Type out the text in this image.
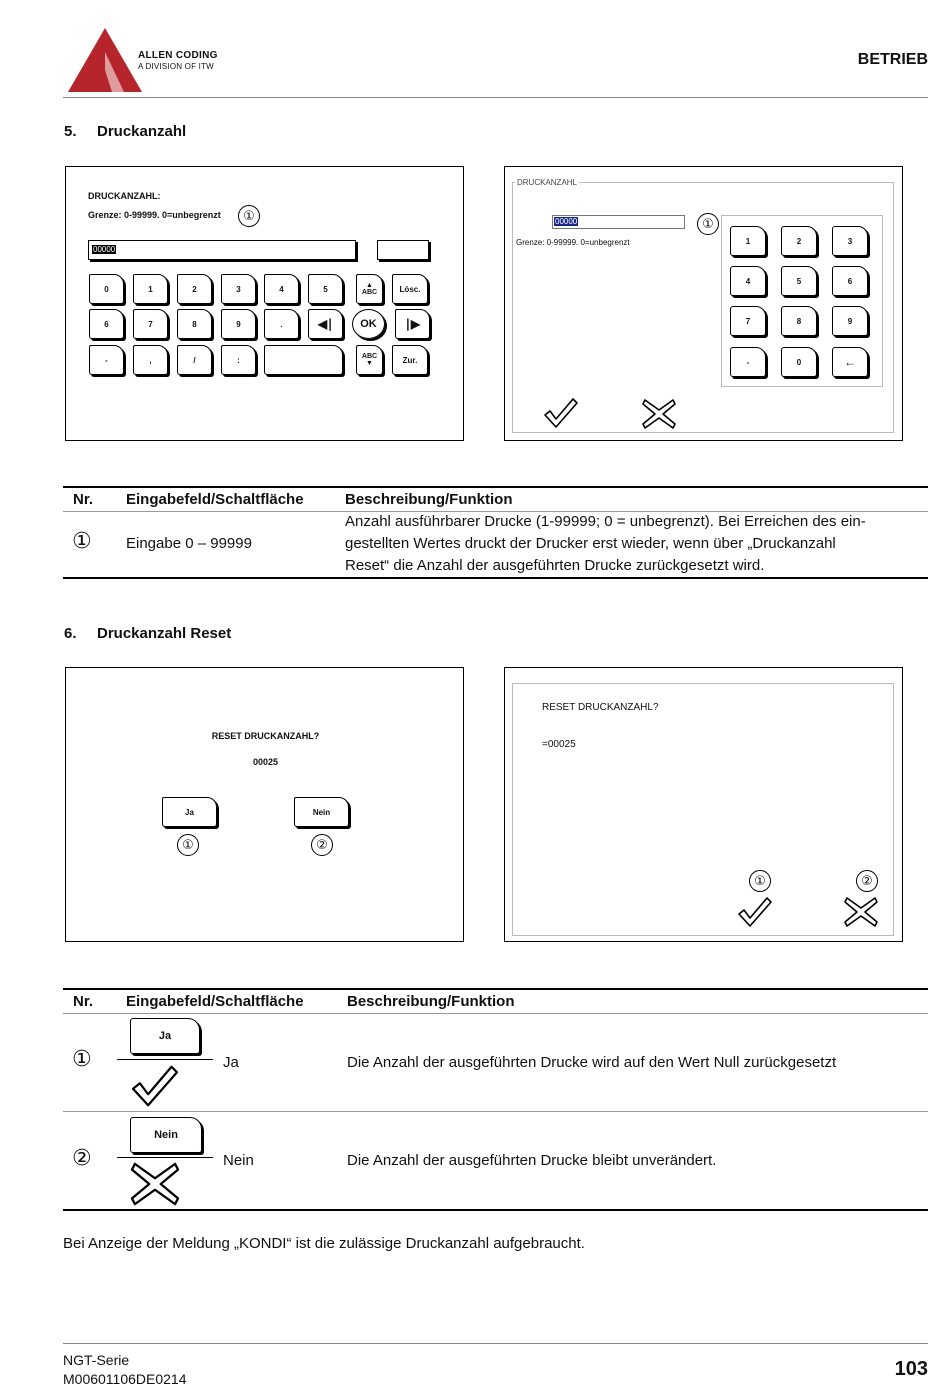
ALLEN CODING
A DIVISION OF ITW	BETRIEB
5. Druckanzahl
DRUCKANZAHL:
Grenze: 0-99999. 0=unbegrenzt	①
00000
0	1	2	3	4	5	▲
ABC	Lösc.
6	7	8	9	.	◀∣ OK ∣▶
-	,	/	:	ABC
▼	Zur.
DRUCKANZAHL
00000	①
Grenze: 0-99999. 0=unbegrenzt	1	2	3
4	5	6
7	8	9
-	0	←
Nr. Eingabefeld/Schaltfläche	Beschreibung/Funktion
① Eingabe 0 – 99999
Anzahl ausführbarer Drucke (1-99999; 0 = unbegrenzt). Bei Erreichen des ein-
gestellten Wertes druckt der Drucker erst wieder, wenn über „Druckanzahl
Reset“ die Anzahl der ausgeführten Drucke zurückgesetzt wird.
6. Druckanzahl Reset
RESET DRUCKANZAHL?
00025
Ja	Nein
①	②
RESET DRUCKANZAHL?
=00025
①	②
Nr. Eingabefeld/Schaltfläche	Beschreibung/Funktion
①
Ja
Ja	Die Anzahl der ausgeführten Drucke wird auf den Wert Null zurückgesetzt
②
Nein
Nein	Die Anzahl der ausgeführten Drucke bleibt unverändert.
Bei Anzeige der Meldung „KONDI“ ist die zulässige Druckanzahl aufgebraucht.
NGT-Serie
M00601106DE0214	103
